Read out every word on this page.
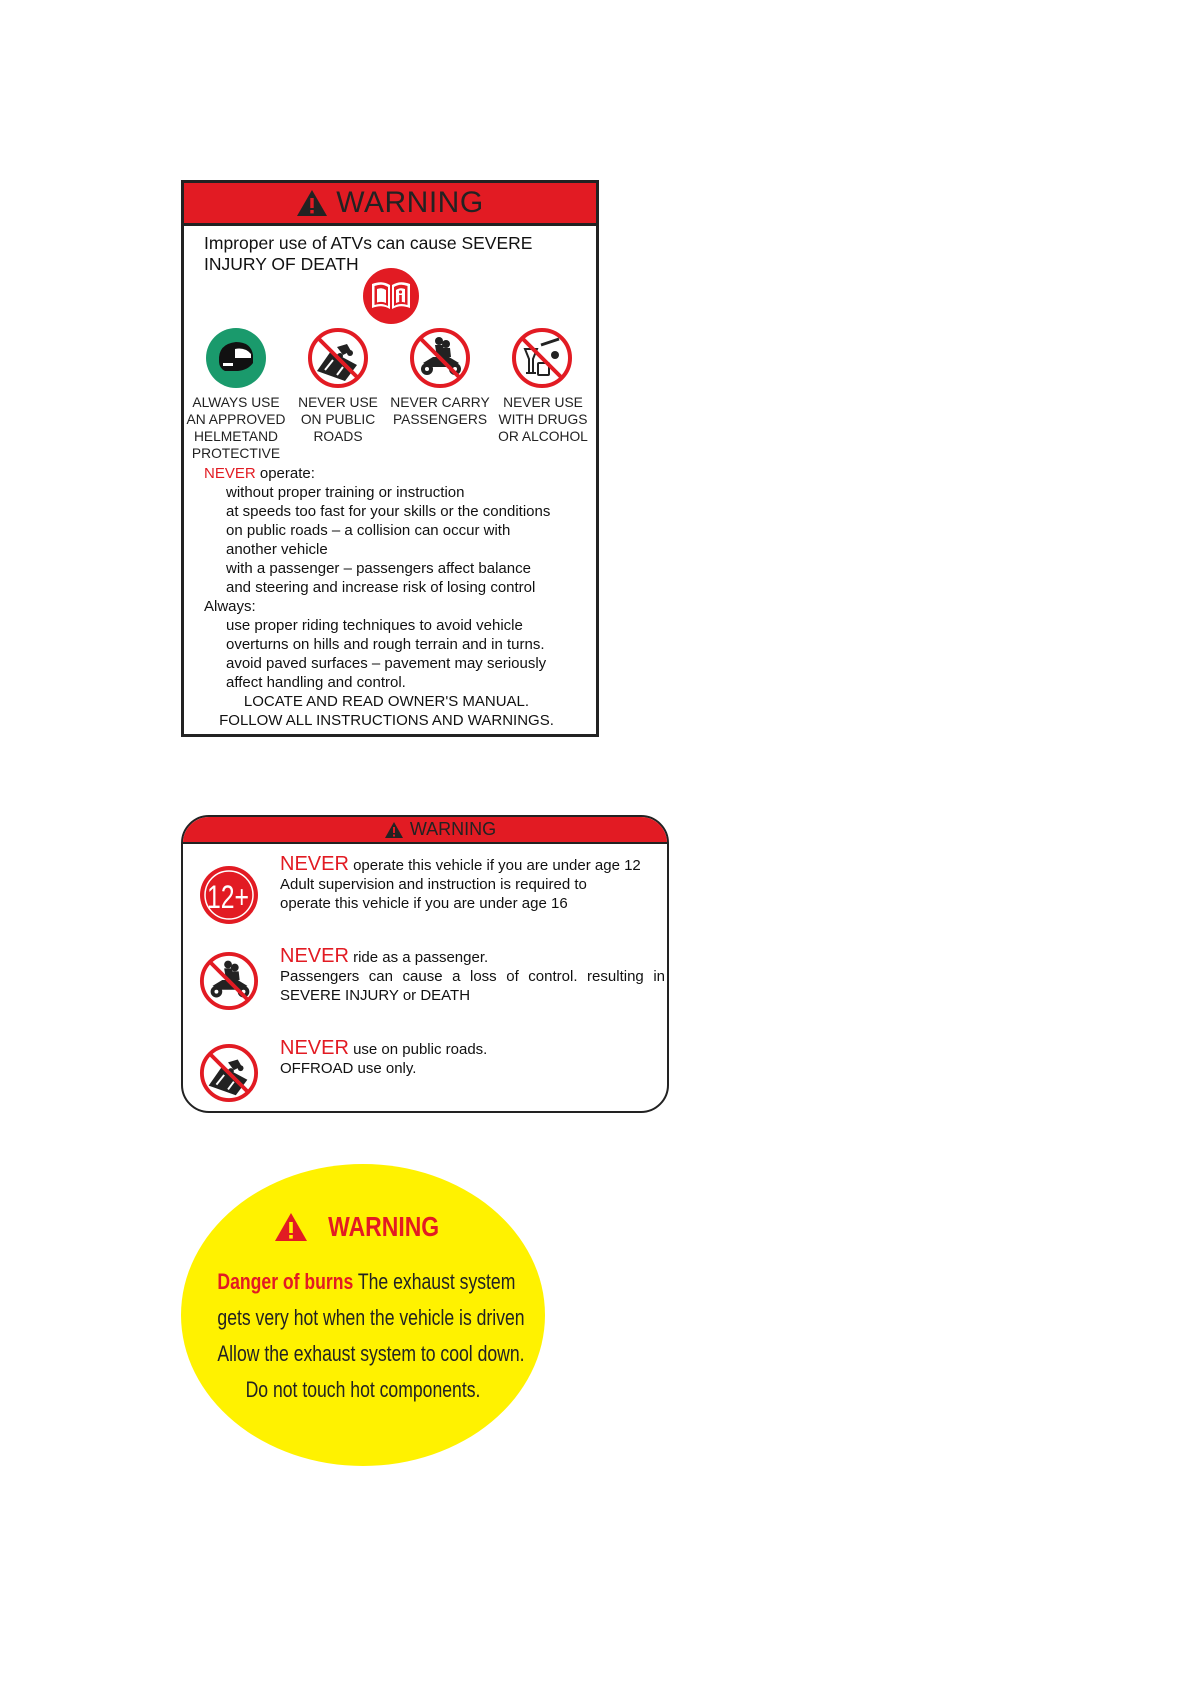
WARNING
Improper use of ATVs can cause SEVERE INJURY OF DEATH
ALWAYS USE
AN APPROVED
HELMETAND
PROTECTIVE
NEVER USE
ON PUBLIC
ROADS
NEVER CARRY
PASSENGERS
NEVER USE
WITH DRUGS
OR ALCOHOL
NEVER operate:
without proper training or instruction
at speeds too fast for your skills or the conditions
on public roads – a collision can occur with
another vehicle
with a passenger – passengers affect balance
and steering and increase risk of losing control
Always:
use proper riding techniques to avoid vehicle
overturns on hills and rough terrain and in turns.
avoid paved surfaces – pavement may seriously
affect handling and control.
LOCATE AND READ OWNER'S MANUAL.
FOLLOW ALL INSTRUCTIONS AND WARNINGS.
WARNING
12+
NEVER operate this vehicle if you are under age 12
Adult supervision and instruction is required to
operate this vehicle if you are under age 16
NEVER ride as a passenger.
Passengers can cause a loss of control. resulting in
SEVERE INJURY or DEATH
NEVER use on public roads.
OFFROAD use only.
WARNING
Danger of burns The exhaust system
gets very hot when the vehicle is driven
Allow the exhaust system to cool down.
Do not touch hot components.
